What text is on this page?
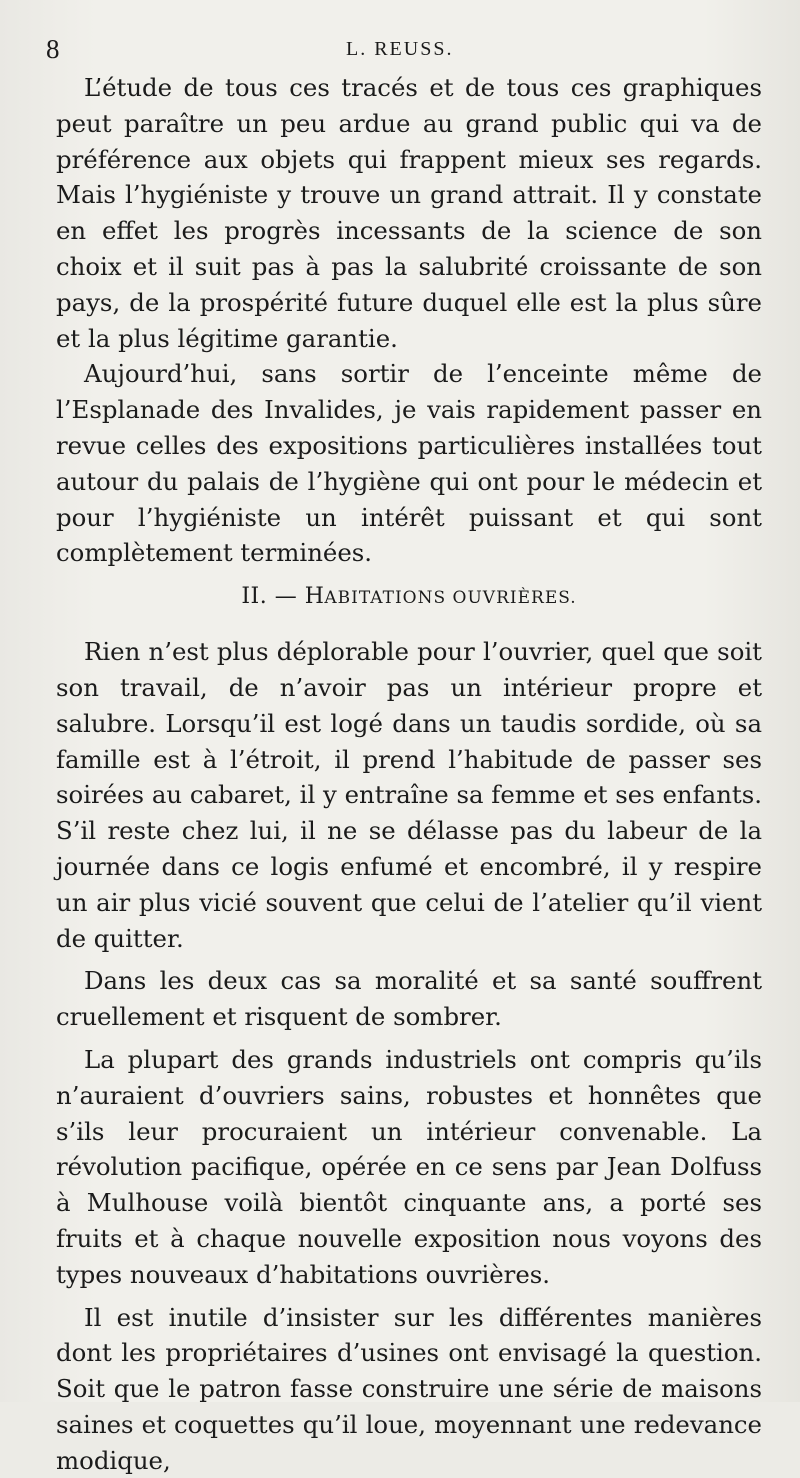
8	L. REUSS.

L’étude de tous ces tracés et de tous ces graphiques peut paraître un peu ardue au grand public qui va de préférence aux objets qui frappent mieux ses regards. Mais l’hygiéniste y trouve un grand attrait. Il y constate en effet les progrès incessants de la science de son choix et il suit pas à pas la salubrité croissante de son pays, de la prospérité future duquel elle est la plus sûre et la plus légitime garantie.

Aujourd’hui, sans sortir de l’enceinte même de l’Esplanade des Invalides, je vais rapidement passer en revue celles des expositions particulières installées tout autour du palais de l’hygiène qui ont pour le médecin et pour l’hygiéniste un intérêt puissant et qui sont complètement terminées.

II. — HABITATIONS OUVRIÈRES.

Rien n’est plus déplorable pour l’ouvrier, quel que soit son travail, de n’avoir pas un intérieur propre et salubre. Lorsqu’il est logé dans un taudis sordide, où sa famille est à l’étroit, il prend l’habitude de passer ses soirées au cabaret, il y entraîne sa femme et ses enfants. S’il reste chez lui, il ne se délasse pas du labeur de la journée dans ce logis enfumé et encombré, il y respire un air plus vicié souvent que celui de l’atelier qu’il vient de quitter.

Dans les deux cas sa moralité et sa santé souffrent cruellement et risquent de sombrer.

La plupart des grands industriels ont compris qu’ils n’auraient d’ouvriers sains, robustes et honnêtes que s’ils leur procuraient un intérieur convenable. La révolution pacifique, opérée en ce sens par Jean Dolfuss à Mulhouse voilà bientôt cinquante ans, a porté ses fruits et à chaque nouvelle exposition nous voyons des types nouveaux d’habitations ouvrières.

Il est inutile d’insister sur les différentes manières dont les propriétaires d’usines ont envisagé la question. Soit que le patron fasse construire une série de maisons saines et coquettes qu’il loue, moyennant une redevance modique,
